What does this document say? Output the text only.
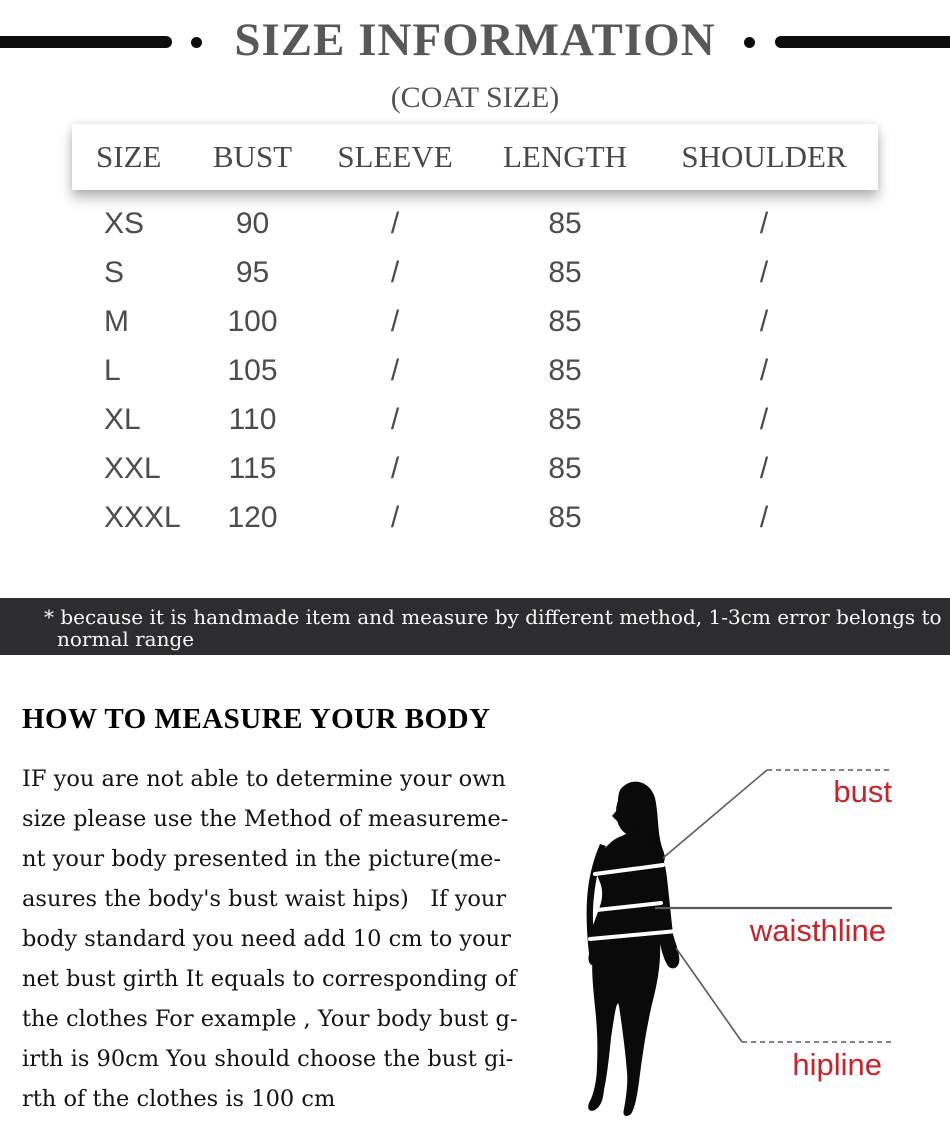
SIZE INFORMATION
(COAT SIZE)
SIZE	BUST	SLEEVE	LENGTH	SHOULDER
XS	90	/	85	/
S	95	/	85	/
M	100	/	85	/
L	105	/	85	/
XL	110	/	85	/
XXL	115	/	85	/
XXXL	120	/	85	/
* because it is handmade item and measure by different method, 1-3cm error belongs to
normal range
HOW TO MEASURE YOUR BODY
IF you are not able to determine your own
size please use the Method of measureme-
nt your body presented in the picture(me-
asures the body's bust waist hips)   If your
body standard you need add 10 cm to your
net bust girth It equals to corresponding of
the clothes For example , Your body bust g-
irth is 90cm You should choose the bust gi-
rth of the clothes is 100 cm
bust
waisthline
hipline
